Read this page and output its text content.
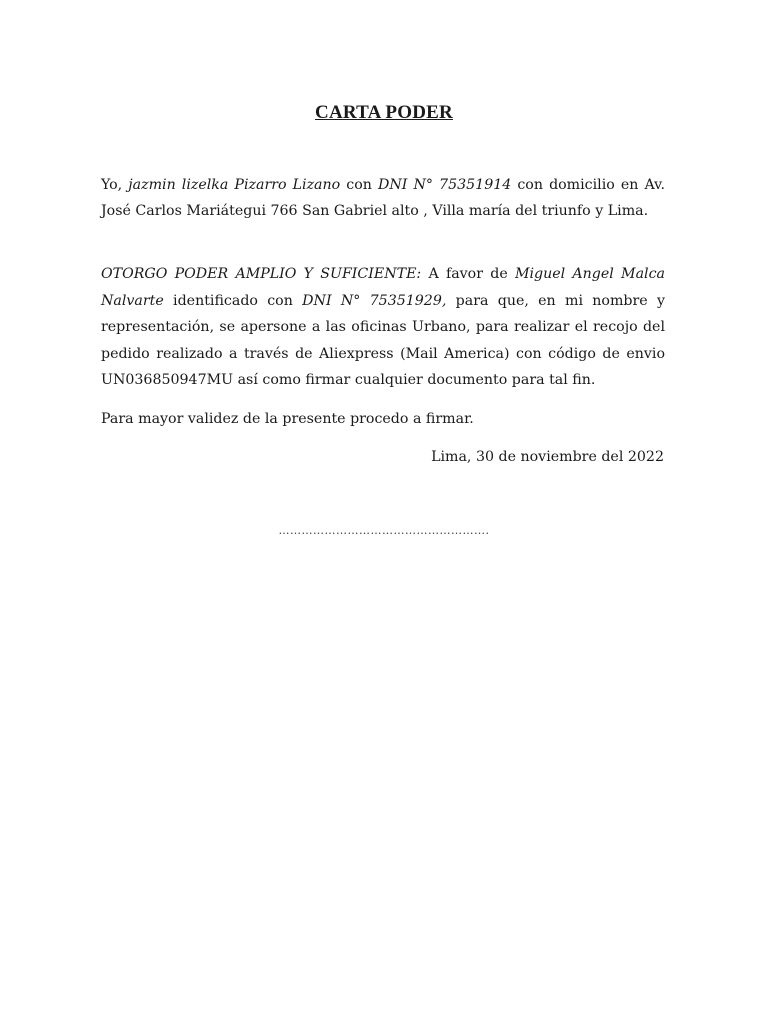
CARTA PODER

Yo, jazmin lizelka Pizarro Lizano con DNI N° 75351914 con domicilio en Av. José Carlos Mariátegui 766 San Gabriel alto , Villa maría del triunfo y Lima.

OTORGO PODER AMPLIO Y SUFICIENTE: A favor de Miguel Angel Malca Nalvarte identificado con DNI N° 75351929, para que, en mi nombre y representación, se apersone a las oficinas Urbano, para realizar el recojo del pedido realizado a través de Aliexpress (Mail America) con código de envio UN036850947MU así como firmar cualquier documento para tal fin.

Para mayor validez de la presente procedo a firmar.

Lima, 30 de noviembre del 2022
……………………………………………….
